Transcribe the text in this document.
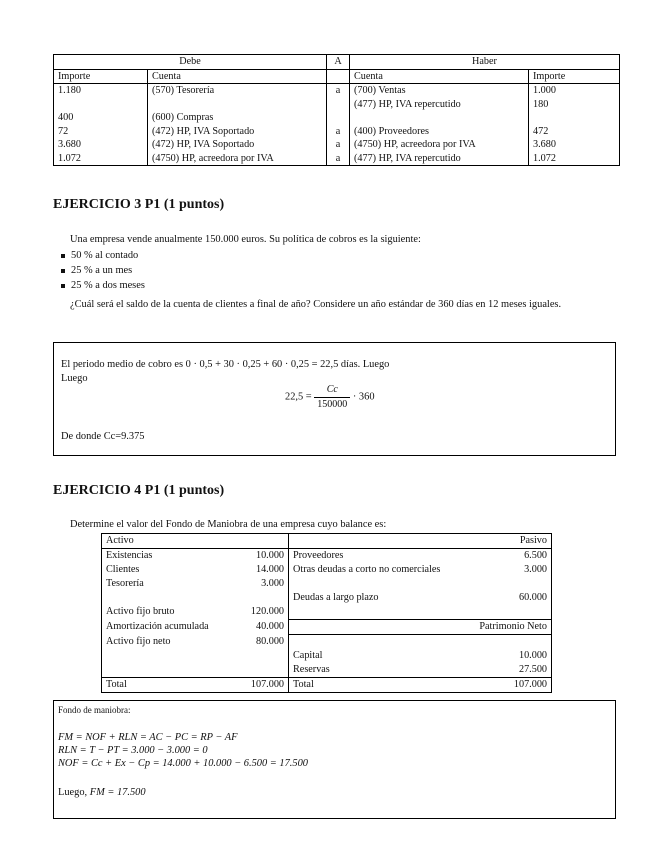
Debe		A	Haber	
Importe	Cuenta		Cuenta	Importe
1.180	(570) Tesorería	a	(700) Ventas	1.000
			(477) HP, IVA repercutido	180
400	(600) Compras			
72	(472) HP, IVA Soportado	a	(400) Proveedores	472
3.680	(472) HP, IVA Soportado	a	(4750) HP, acreedora por IVA	3.680
1.072	(4750) HP, acreedora por IVA	a	(477) HP, IVA repercutido	1.072
EJERCICIO 3 P1 (1 puntos)
Una empresa vende anualmente 150.000 euros. Su política de cobros es la siguiente:
50 % al contado
25 % a un mes
25 % a dos meses
¿Cuál será el saldo de la cuenta de clientes a final de año? Considere un año estándar de 360 días en 12 meses iguales.
El periodo medio de cobro es 0 · 0,5 + 30 · 0,25 + 60 · 0,25 = 22,5 días. Luego
Luego
$22,5 = \frac{Cc}{150000} \cdot 360$
De donde Cc=9.375
EJERCICIO 4 P1 (1 puntos)
Determine el valor del Fondo de Maniobra de una empresa cuyo balance es:
Activo		Pasivo	
Existencias	10.000	Proveedores	6.500
Clientes	14.000	Otras deudas a corto no comerciales	3.000
Tesorería	3.000		
		Deudas a largo plazo	60.000
Activo fijo bruto	120.000		
Amortización acumulada	40.000	Patrimonio Neto	
Activo fijo neto	80.000		
		Capital	10.000
		Reservas	27.500
Total	107.000	Total	107.000
Fondo de maniobra:
FM = NOF + RLN = AC − PC = RP − AF
RLN = T − PT = 3.000 − 3.000 = 0
NOF = Cc + Ex − Cp = 14.000 + 10.000 − 6.500 = 17.500
Luego, FM = 17.500
